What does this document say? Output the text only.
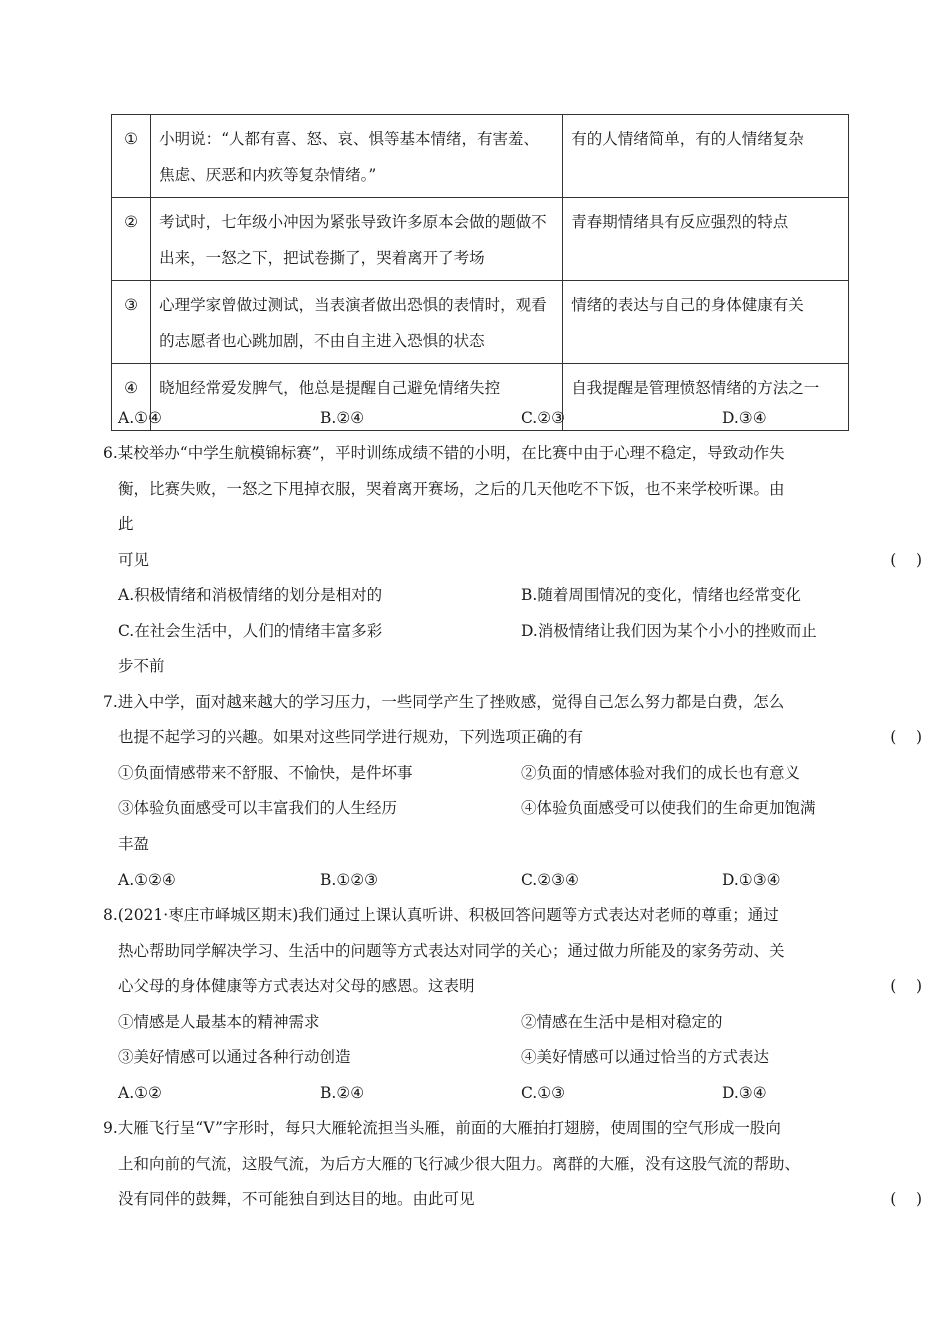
①	小明说：“人都有喜、怒、哀、惧等基本情绪，有害羞、焦虑、厌恶和内疚等复杂情绪。”	有的人情绪简单，有的人情绪复杂
②	考试时，七年级小冲因为紧张导致许多原本会做的题做不出来，一怒之下，把试卷撕了，哭着离开了考场	青春期情绪具有反应强烈的特点
③	心理学家曾做过测试，当表演者做出恐惧的表情时，观看的志愿者也心跳加剧，不由自主进入恐惧的状态	情绪的表达与自己的身体健康有关
④	晓旭经常爱发脾气，他总是提醒自己避免情绪失控	自我提醒是管理愤怒情绪的方法之一
A.①④	B.②④	C.②③	D.③④
6.某校举办“中学生航模锦标赛”，平时训练成绩不错的小明，在比赛中由于心理不稳定，导致动作失
衡，比赛失败，一怒之下甩掉衣服，哭着离开赛场，之后的几天他吃不下饭，也不来学校听课。由
此
可见	(    )
A.积极情绪和消极情绪的划分是相对的	B.随着周围情况的变化，情绪也经常变化
C.在社会生活中，人们的情绪丰富多彩	D.消极情绪让我们因为某个小小的挫败而止
步不前
7.进入中学，面对越来越大的学习压力，一些同学产生了挫败感，觉得自己怎么努力都是白费，怎么
也提不起学习的兴趣。如果对这些同学进行规劝，下列选项正确的有	(    )
①负面情感带来不舒服、不愉快，是件坏事	②负面的情感体验对我们的成长也有意义
③体验负面感受可以丰富我们的人生经历	④体验负面感受可以使我们的生命更加饱满
丰盈
A.①②④	B.①②③	C.②③④	D.①③④
8.(2021·枣庄市峄城区期末)我们通过上课认真听讲、积极回答问题等方式表达对老师的尊重；通过
热心帮助同学解决学习、生活中的问题等方式表达对同学的关心；通过做力所能及的家务劳动、关
心父母的身体健康等方式表达对父母的感恩。这表明	(    )
①情感是人最基本的精神需求	②情感在生活中是相对稳定的
③美好情感可以通过各种行动创造	④美好情感可以通过恰当的方式表达
A.①②	B.②④	C.①③	D.③④
9.大雁飞行呈“V”字形时，每只大雁轮流担当头雁，前面的大雁拍打翅膀，使周围的空气形成一股向
上和向前的气流，这股气流，为后方大雁的飞行减少很大阻力。离群的大雁，没有这股气流的帮助、
没有同伴的鼓舞，不可能独自到达目的地。由此可见	(    )
